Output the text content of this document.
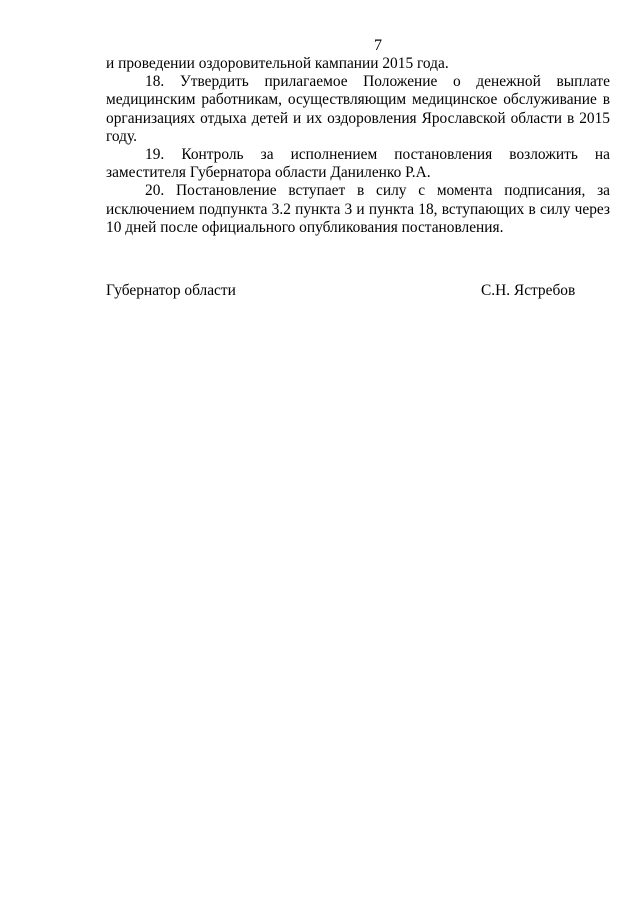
7

и проведении оздоровительной кампании 2015 года.

18. Утвердить прилагаемое Положение о денежной выплате медицинским работникам, осуществляющим медицинское обслуживание в организациях отдыха детей и их оздоровления Ярославской области в 2015 году.

19. Контроль за исполнением постановления возложить на заместителя Губернатора области Даниленко Р.А.

20. Постановление вступает в силу с момента подписания, за исключением подпункта 3.2 пункта 3 и пункта 18, вступающих в силу через 10 дней после официального опубликования постановления.

Губернатор области	С.Н. Ястребов
